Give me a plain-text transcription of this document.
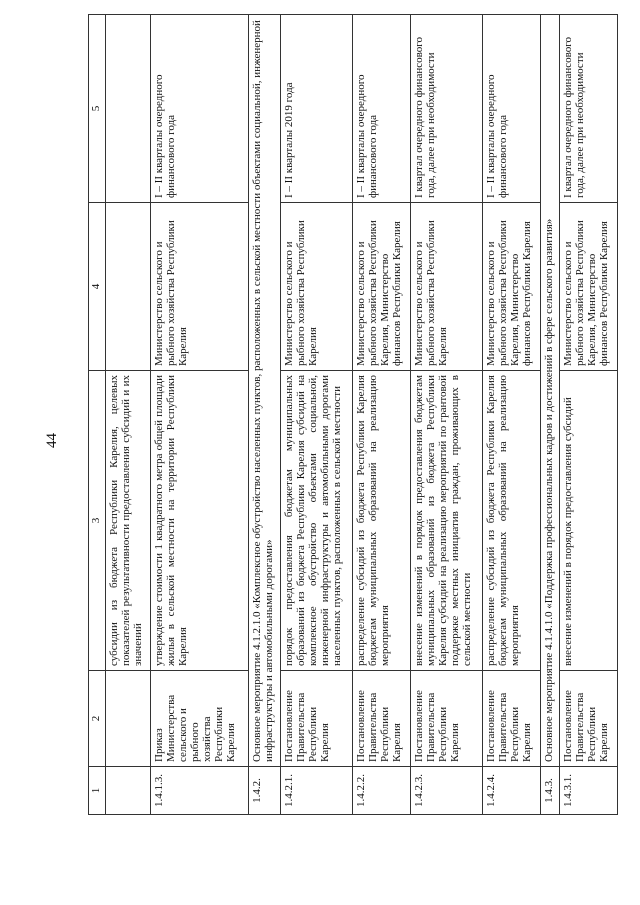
44
1	2	3	4	5
		субсидии из бюджета Республики Карелия, целевых показателей результативности предоставления субсидий и их значений		
1.4.1.3.	Приказ Министерства сельского и рыбного хозяйства Республики Карелия	утверждение стоимости 1 квадратного метра общей площади жилья в сельской местности на территории Республики Карелия	Министерство сельского и рыбного хозяйства Республики Карелия	I – II кварталы очередного финансового года
1.4.2.	Основное мероприятие 4.1.2.1.0 «Комплексное обустройство населенных пунктов, расположенных в сельской местности объектами социальной, инженерной инфраструктуры и автомобильными дорогами»			
1.4.2.1.	Постановление Правительства Республики Карелия	порядок предоставления бюджетам муниципальных образований из бюджета Республики Карелия субсидий на комплексное обустройство объектами социальной, инженерной инфраструктуры и автомобильными дорогами населенных пунктов, расположенных в сельской местности	Министерство сельского и рыбного хозяйства Республики Карелия	I – II кварталы 2019 года
1.4.2.2.	Постановление Правительства Республики Карелия	распределение субсидий из бюджета Республики Карелия бюджетам муниципальных образований на реализацию мероприятия	Министерство сельского и рыбного хозяйства Республики Карелия, Министерство финансов Республики Карелия	I – II кварталы очередного финансового года
1.4.2.3.	Постановление Правительства Республики Карелия	внесение изменений в порядок предоставления бюджетам муниципальных образований из бюджета Республики Карелия субсидий на реализацию мероприятий по грантовой поддержке местных инициатив граждан, проживающих в сельской местности	Министерство сельского и рыбного хозяйства Республики Карелия	I квартал очередного финансового года, далее при необходимости
1.4.2.4.	Постановление Правительства Республики Карелия	распределение субсидий из бюджета Республики Карелия бюджетам муниципальных образований на реализацию мероприятия	Министерство сельского и рыбного хозяйства Республики Карелия, Министерство финансов Республики Карелия	I – II кварталы очередного финансового года
1.4.3.	Основное мероприятие 4.1.4.1.0 «Поддержка профессиональных кадров и достижений в сфере сельского развития»			
1.4.3.1.	Постановление Правительства Республики Карелия	внесение изменений в порядок предоставления субсидий	Министерство сельского и рыбного хозяйства Республики Карелия, Министерство финансов Республики Карелия	I квартал очередного финансового года, далее при необходимости
